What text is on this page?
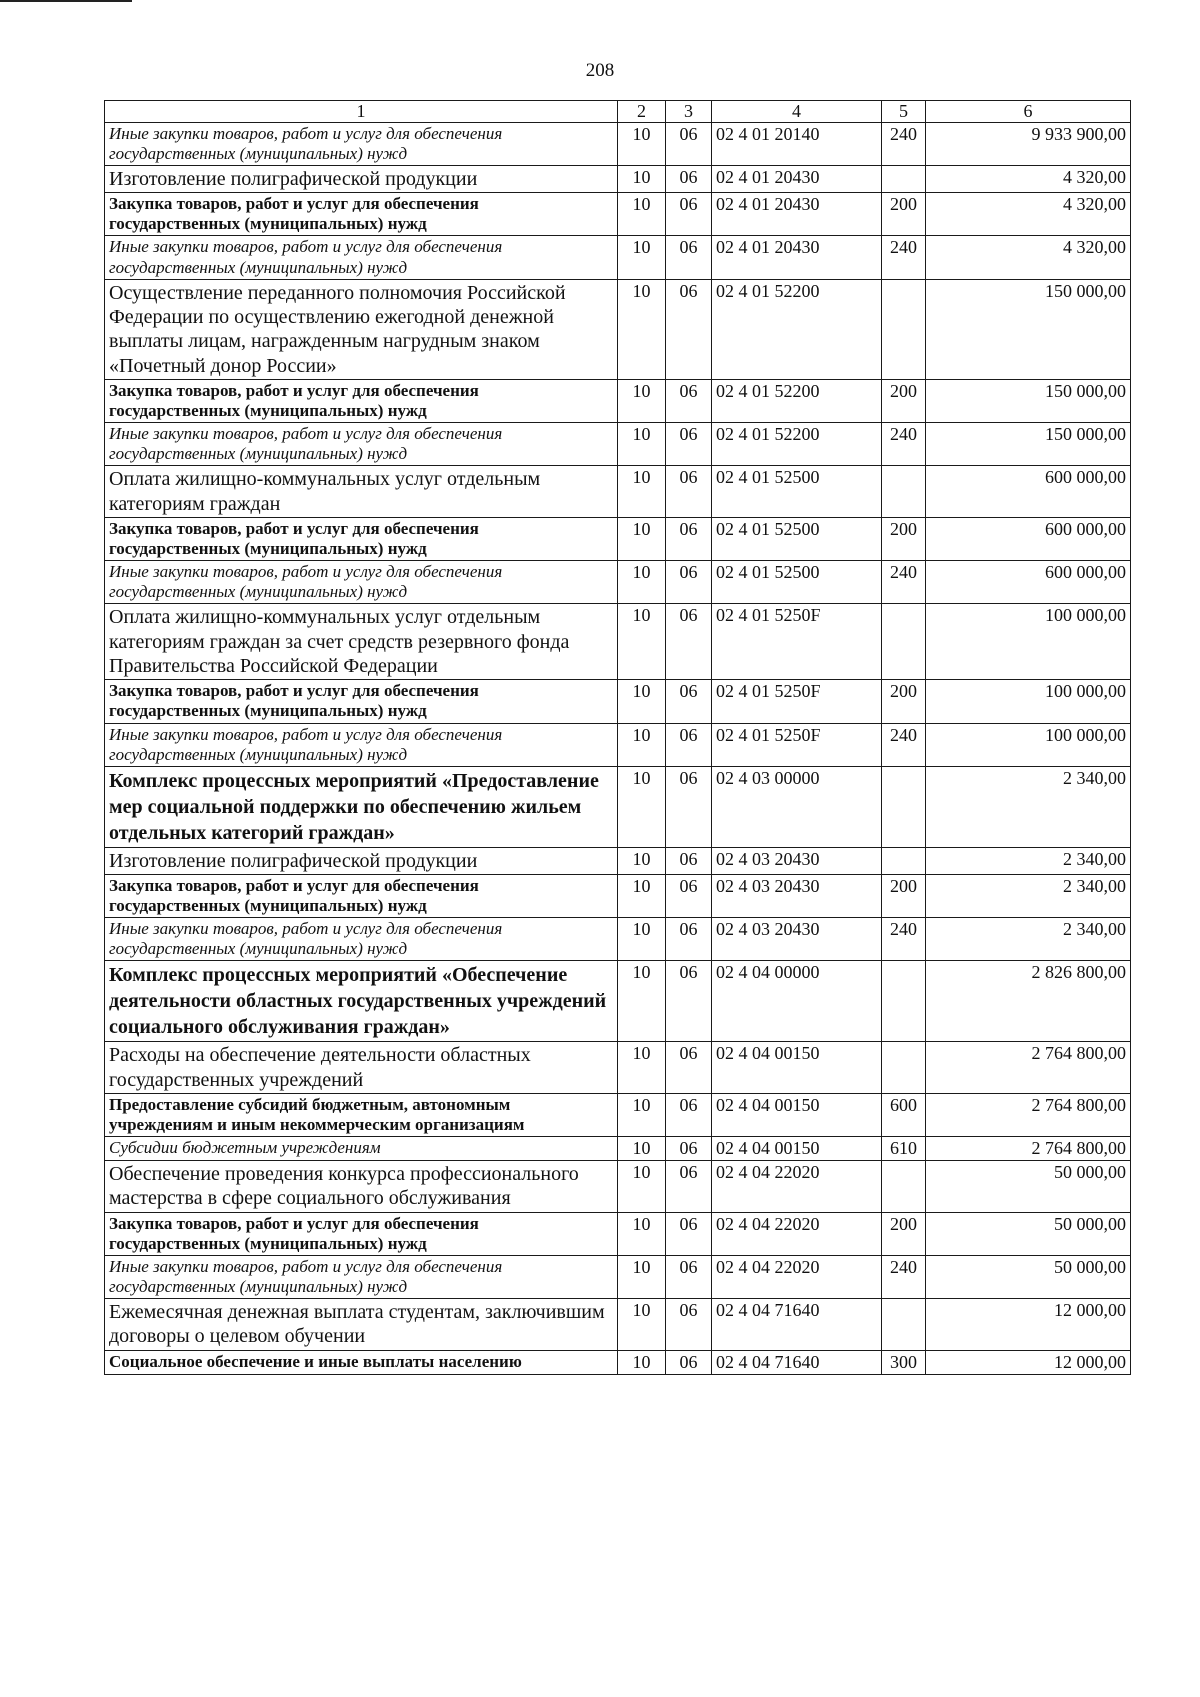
208
1	2	3	4	5	6
Иные закупки товаров, работ и услуг для обеспечения государственных (муниципальных) нужд	10	06	02 4 01 20140	240	9 933 900,00
Изготовление полиграфической продукции	10	06	02 4 01 20430		4 320,00
Закупка товаров, работ и услуг для обеспечения государственных (муниципальных) нужд	10	06	02 4 01 20430	200	4 320,00
Иные закупки товаров, работ и услуг для обеспечения государственных (муниципальных) нужд	10	06	02 4 01 20430	240	4 320,00
Осуществление переданного полномочия Российской Федерации по осуществлению ежегодной денежной выплаты лицам, награжденным нагрудным знаком «Почетный донор России»	10	06	02 4 01 52200		150 000,00
Закупка товаров, работ и услуг для обеспечения государственных (муниципальных) нужд	10	06	02 4 01 52200	200	150 000,00
Иные закупки товаров, работ и услуг для обеспечения государственных (муниципальных) нужд	10	06	02 4 01 52200	240	150 000,00
Оплата жилищно-коммунальных услуг отдельным категориям граждан	10	06	02 4 01 52500		600 000,00
Закупка товаров, работ и услуг для обеспечения государственных (муниципальных) нужд	10	06	02 4 01 52500	200	600 000,00
Иные закупки товаров, работ и услуг для обеспечения государственных (муниципальных) нужд	10	06	02 4 01 52500	240	600 000,00
Оплата жилищно-коммунальных услуг отдельным категориям граждан за счет средств резервного фонда Правительства Российской Федерации	10	06	02 4 01 5250F		100 000,00
Закупка товаров, работ и услуг для обеспечения государственных (муниципальных) нужд	10	06	02 4 01 5250F	200	100 000,00
Иные закупки товаров, работ и услуг для обеспечения государственных (муниципальных) нужд	10	06	02 4 01 5250F	240	100 000,00
Комплекс процессных мероприятий «Предоставление мер социальной поддержки по обеспечению жильем отдельных категорий граждан»	10	06	02 4 03 00000		2 340,00
Изготовление полиграфической продукции	10	06	02 4 03 20430		2 340,00
Закупка товаров, работ и услуг для обеспечения государственных (муниципальных) нужд	10	06	02 4 03 20430	200	2 340,00
Иные закупки товаров, работ и услуг для обеспечения государственных (муниципальных) нужд	10	06	02 4 03 20430	240	2 340,00
Комплекс процессных мероприятий «Обеспечение деятельности областных государственных учреждений социального обслуживания граждан»	10	06	02 4 04 00000		2 826 800,00
Расходы на обеспечение деятельности областных государственных учреждений	10	06	02 4 04 00150		2 764 800,00
Предоставление субсидий бюджетным, автономным учреждениям и иным некоммерческим организациям	10	06	02 4 04 00150	600	2 764 800,00
Субсидии бюджетным учреждениям	10	06	02 4 04 00150	610	2 764 800,00
Обеспечение проведения конкурса профессионального мастерства в сфере социального обслуживания	10	06	02 4 04 22020		50 000,00
Закупка товаров, работ и услуг для обеспечения государственных (муниципальных) нужд	10	06	02 4 04 22020	200	50 000,00
Иные закупки товаров, работ и услуг для обеспечения государственных (муниципальных) нужд	10	06	02 4 04 22020	240	50 000,00
Ежемесячная денежная выплата студентам, заключившим договоры о целевом обучении	10	06	02 4 04 71640		12 000,00
Социальное обеспечение и иные выплаты населению	10	06	02 4 04 71640	300	12 000,00
